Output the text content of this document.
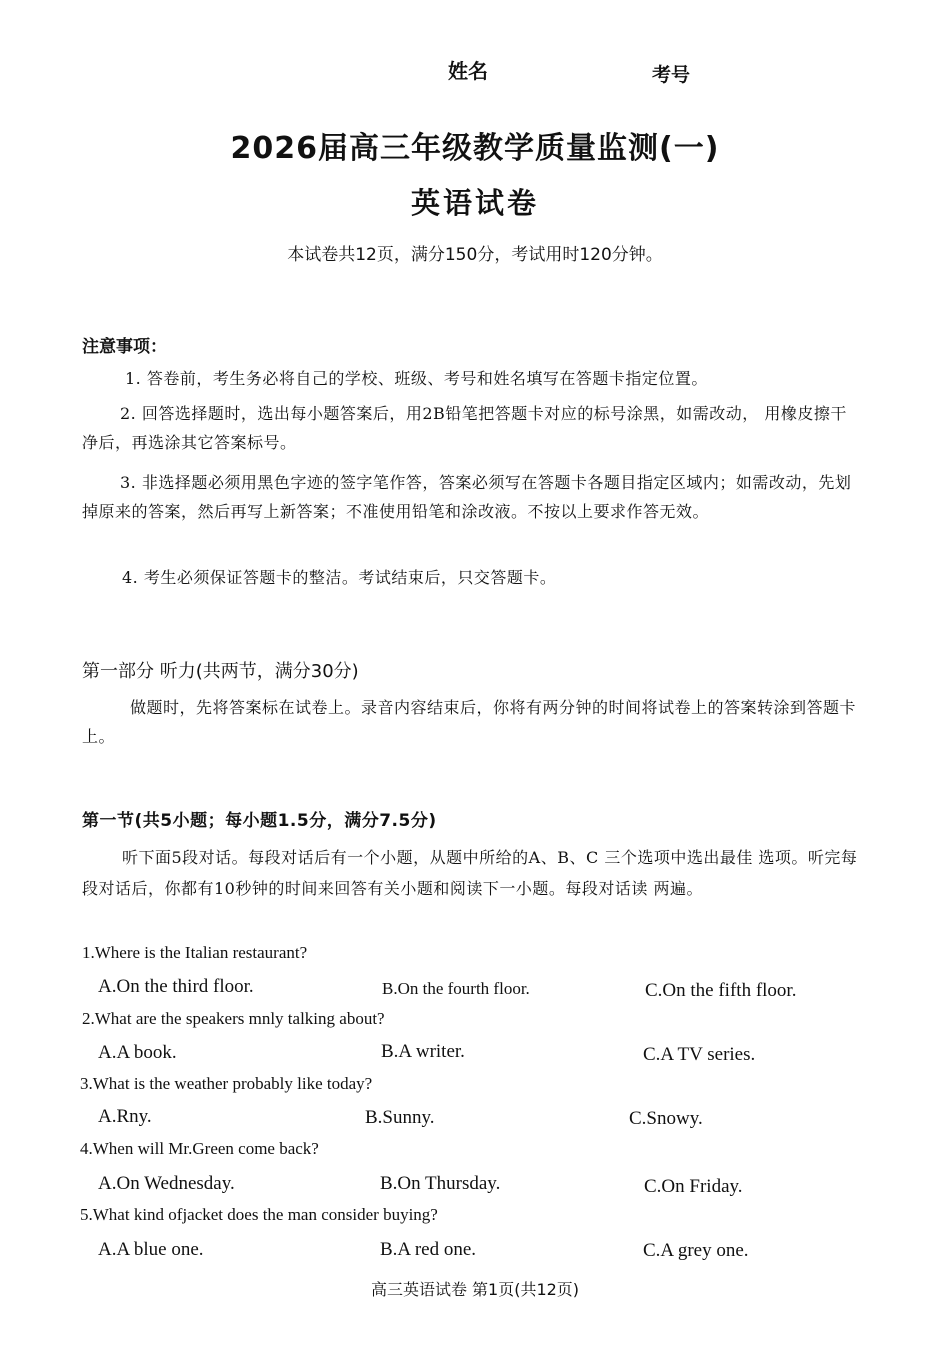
姓名	考号
2026届高三年级教学质量监测(一)
英语试卷
本试卷共12页，满分150分，考试用时120分钟。
注意事项：
1. 答卷前，考生务必将自己的学校、班级、考号和姓名填写在答题卡指定位置。
2. 回答选择题时，选出每小题答案后，用2B铅笔把答题卡对应的标号涂黑，如需改动， 用橡皮擦干净后，再选涂其它答案标号。
3. 非选择题必须用黑色字迹的签字笔作答，答案必须写在答题卡各题目指定区域内；如需改动，先划掉原来的答案，然后再写上新答案；不准使用铅笔和涂改液。不按以上要求作答无效。
4. 考生必须保证答题卡的整洁。考试结束后，只交答题卡。
第一部分 听力(共两节，满分30分)
做题时，先将答案标在试卷上。录音内容结束后，你将有两分钟的时间将试卷上的答案转涂到答题卡上。
第一节(共5小题；每小题1.5分，满分7.5分)
听下面5段对话。每段对话后有一个小题，从题中所给的A、B、C 三个选项中选出最佳 选项。听完每段对话后，你都有10秒钟的时间来回答有关小题和阅读下一小题。每段对话读 两遍。
1.Where is the Italian restaurant?
A.On the third floor.	B.On the fourth floor.	C.On the fifth floor.
2.What are the speakers mnly talking about?
A.A book.	B.A writer.	C.A TV series.
3.What is the weather probably like today?
A.Rny.	B.Sunny.	C.Snowy.
4.When will Mr.Green come back?
A.On Wednesday.	B.On Thursday.	C.On Friday.
5.What kind ofjacket does the man consider buying?
A.A blue one.	B.A red one.	C.A grey one.
高三英语试卷 第1页(共12页)
